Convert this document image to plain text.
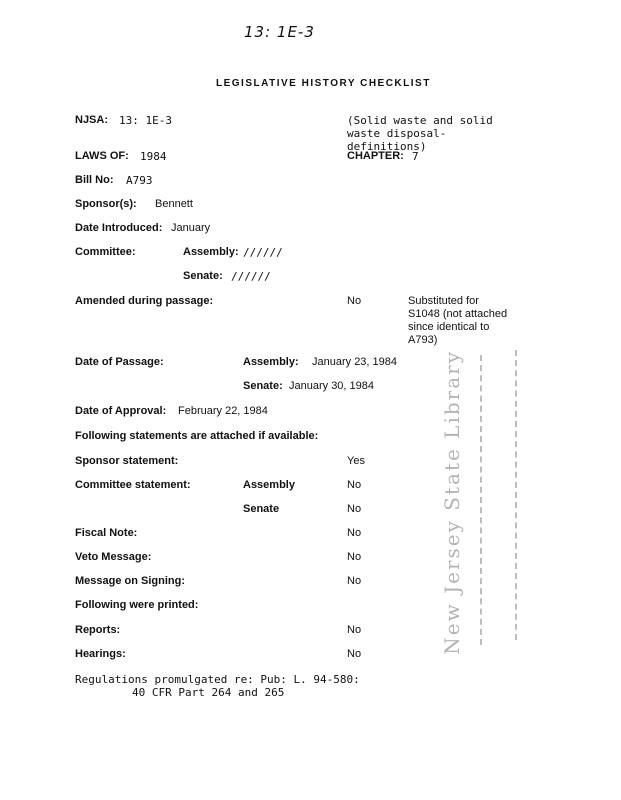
13: 1E-3
LEGISLATIVE HISTORY CHECKLIST
NJSA: 13: 1E-3	(Solid waste and solid waste disposal-definitions)
LAWS OF: 1984	CHAPTER: 7
Bill No: A793
Sponsor(s): Bennett
Date Introduced: January
Committee:	Assembly: //////
Senate: //////
Amended during passage:	No	Substituted for
S1048 (not attached
since identical to
A793)
Date of Passage:	Assembly: January 23, 1984
Senate: January 30, 1984
Date of Approval: February 22, 1984
Following statements are attached if available:
Sponsor statement:	Yes
Committee statement:	Assembly	No
Senate	No
Fiscal Note:	No
Veto Message:	No
Message on Signing:	No
Following were printed:
Reports:	No
Hearings:	No
Regulations promulgated re: Pub: L. 94-580:
40 CFR Part 264 and 265
New Jersey State Library
